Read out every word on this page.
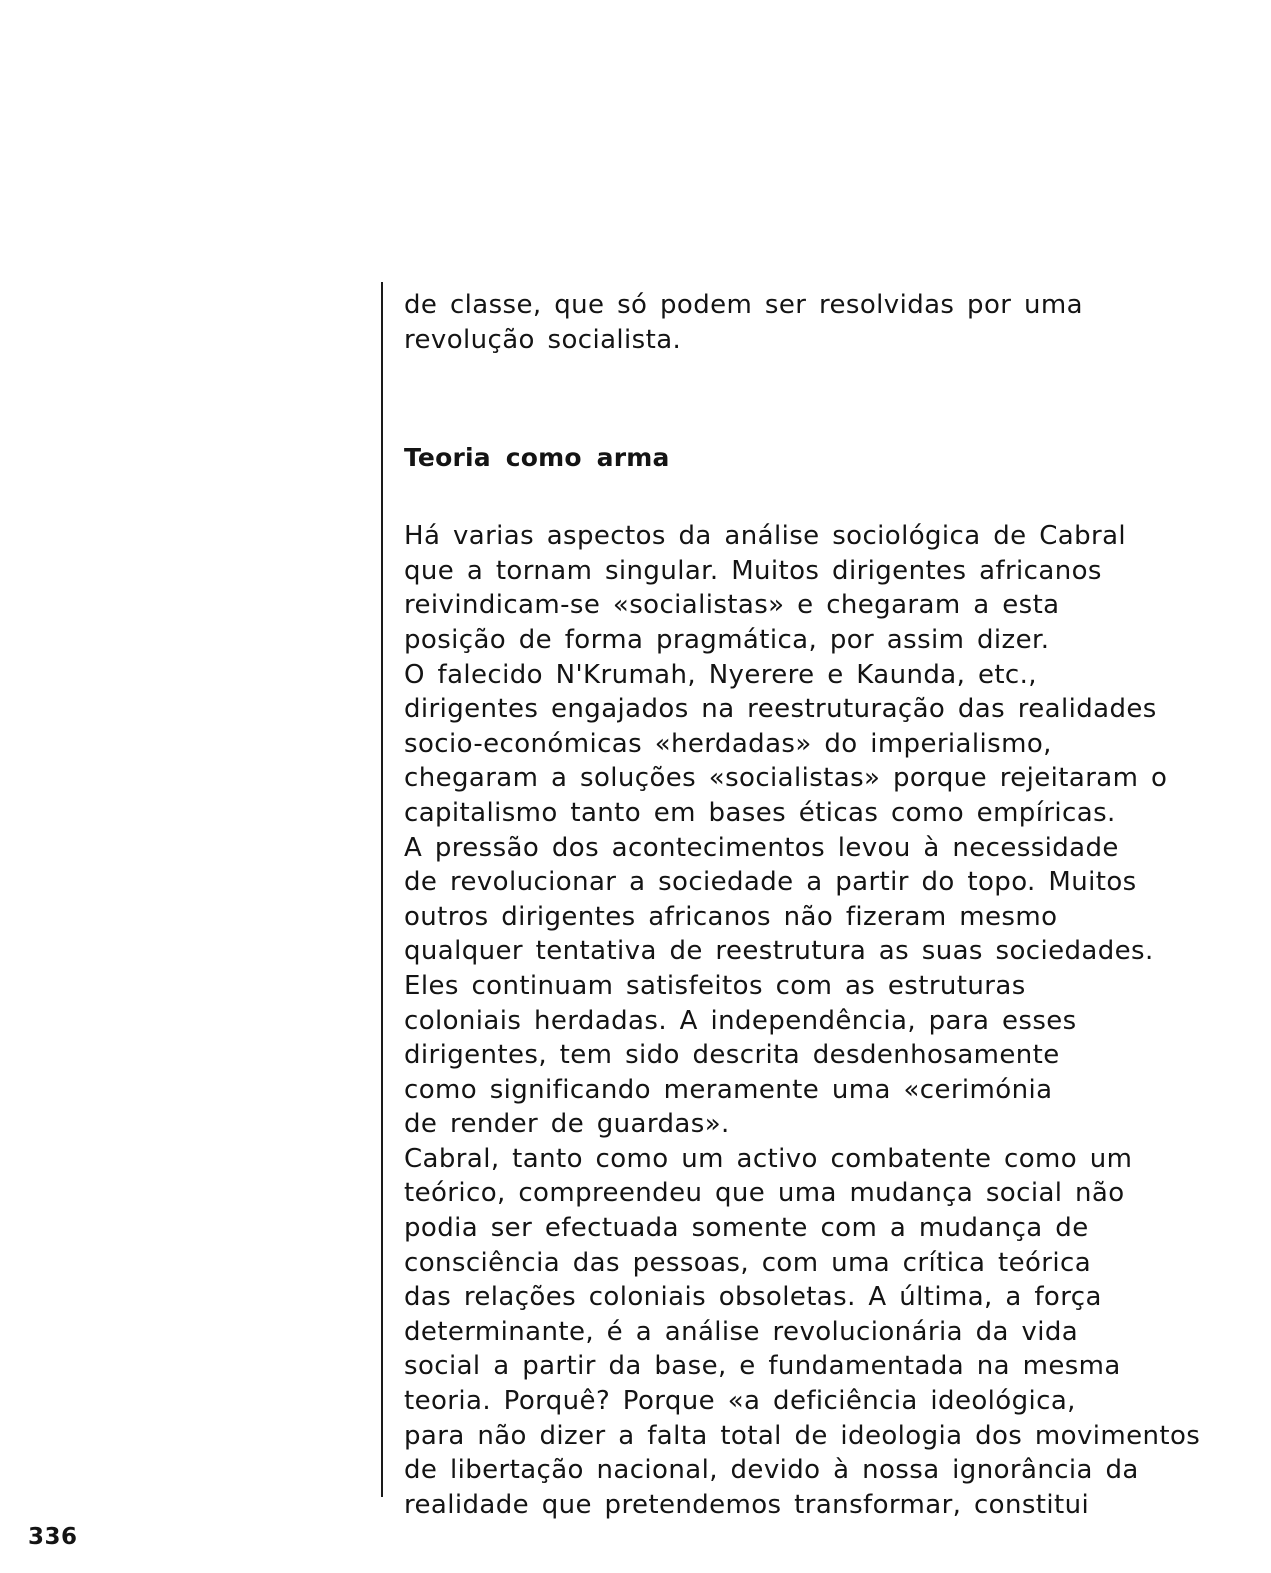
de classe, que só podem ser resolvidas por uma
revolução socialista.
Teoria como arma
Há varias aspectos da análise sociológica de Cabral
que a tornam singular. Muitos dirigentes africanos
reivindicam-se «socialistas» e chegaram a esta
posição de forma pragmática, por assim dizer.
O falecido N'Krumah, Nyerere e Kaunda, etc.,
dirigentes engajados na reestruturação das realidades
socio-económicas «herdadas» do imperialismo,
chegaram a soluções «socialistas» porque rejeitaram o
capitalismo tanto em bases éticas como empíricas.
A pressão dos acontecimentos levou à necessidade
de revolucionar a sociedade a partir do topo. Muitos
outros dirigentes africanos não fizeram mesmo
qualquer tentativa de reestrutura as suas sociedades.
Eles continuam satisfeitos com as estruturas
coloniais herdadas. A independência, para esses
dirigentes, tem sido descrita desdenhosamente
como significando meramente uma «cerimónia
de render de guardas».
Cabral, tanto como um activo combatente como um
teórico, compreendeu que uma mudança social não
podia ser efectuada somente com a mudança de
consciência das pessoas, com uma crítica teórica
das relações coloniais obsoletas. A última, a força
determinante, é a análise revolucionária da vida
social a partir da base, e fundamentada na mesma
teoria. Porquê? Porque «a deficiência ideológica,
para não dizer a falta total de ideologia dos movimentos
de libertação nacional, devido à nossa ignorância da
realidade que pretendemos transformar, constitui
336
